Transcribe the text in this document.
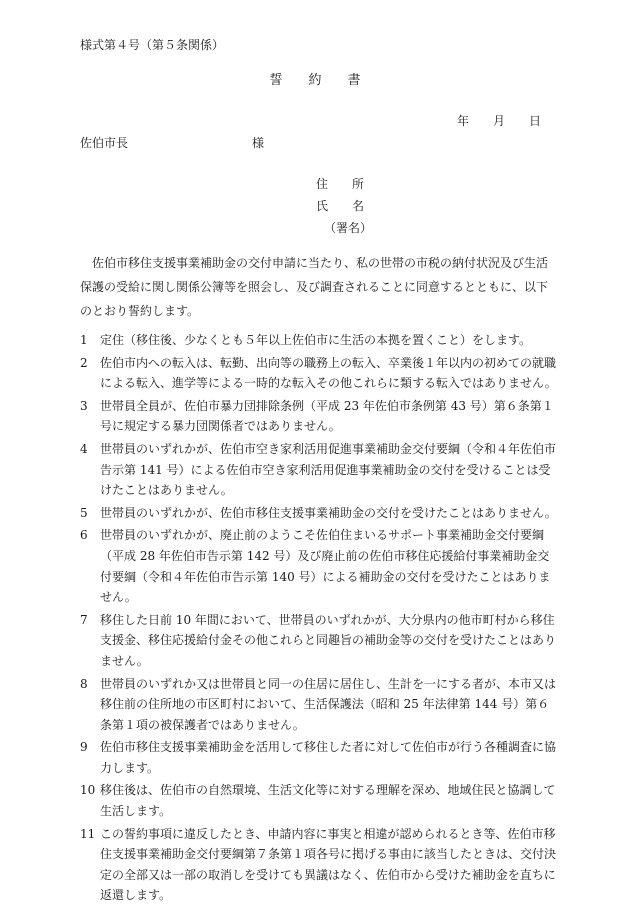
様式第４号（第５条関係）
誓　　約　　書
年　　月　　日
佐伯市長	様
住　　所
氏　　名
（署名）
佐伯市移住支援事業補助金の交付申請に当たり、私の世帯の市税の納付状況及び生活保護の受給に関し関係公簿等を照会し、及び調査されることに同意するとともに、以下のとおり誓約します。
1	定住（移住後、少なくとも５年以上佐伯市に生活の本拠を置くこと）をします。
2	佐伯市内への転入は、転勤、出向等の職務上の転入、卒業後１年以内の初めての就職による転入、進学等による一時的な転入その他これらに類する転入ではありません。
3	世帯員全員が、佐伯市暴力団排除条例（平成 23 年佐伯市条例第 43 号）第６条第１号に規定する暴力団関係者ではありません。
4	世帯員のいずれかが、佐伯市空き家利活用促進事業補助金交付要綱（令和４年佐伯市告示第 141 号）による佐伯市空き家利活用促進事業補助金の交付を受けることは受けたことはありません。
5	世帯員のいずれかが、佐伯市移住支援事業補助金の交付を受けたことはありません。
6	世帯員のいずれかが、廃止前のようこそ佐伯住まいるサポート事業補助金交付要綱（平成 28 年佐伯市告示第 142 号）及び廃止前の佐伯市移住応援給付事業補助金交付要綱（令和４年佐伯市告示第 140 号）による補助金の交付を受けたことはありません。
7	移住した日前 10 年間において、世帯員のいずれかが、大分県内の他市町村から移住支援金、移住応援給付金その他これらと同趣旨の補助金等の交付を受けたことはありません。
8	世帯員のいずれか又は世帯員と同一の住居に居住し、生計を一にする者が、本市又は移住前の住所地の市区町村において、生活保護法（昭和 25 年法律第 144 号）第６条第１項の被保護者ではありません。
9	佐伯市移住支援事業補助金を活用して移住した者に対して佐伯市が行う各種調査に協力します。
10 移住後は、佐伯市の自然環境、生活文化等に対する理解を深め、地域住民と協調して生活します。
11 この誓約事項に違反したとき、申請内容に事実と相違が認められるとき等、佐伯市移住支援事業補助金交付要綱第７条第１項各号に掲げる事由に該当したときは、交付決定の全部又は一部の取消しを受けても異議はなく、佐伯市から受けた補助金を直ちに返還します。
